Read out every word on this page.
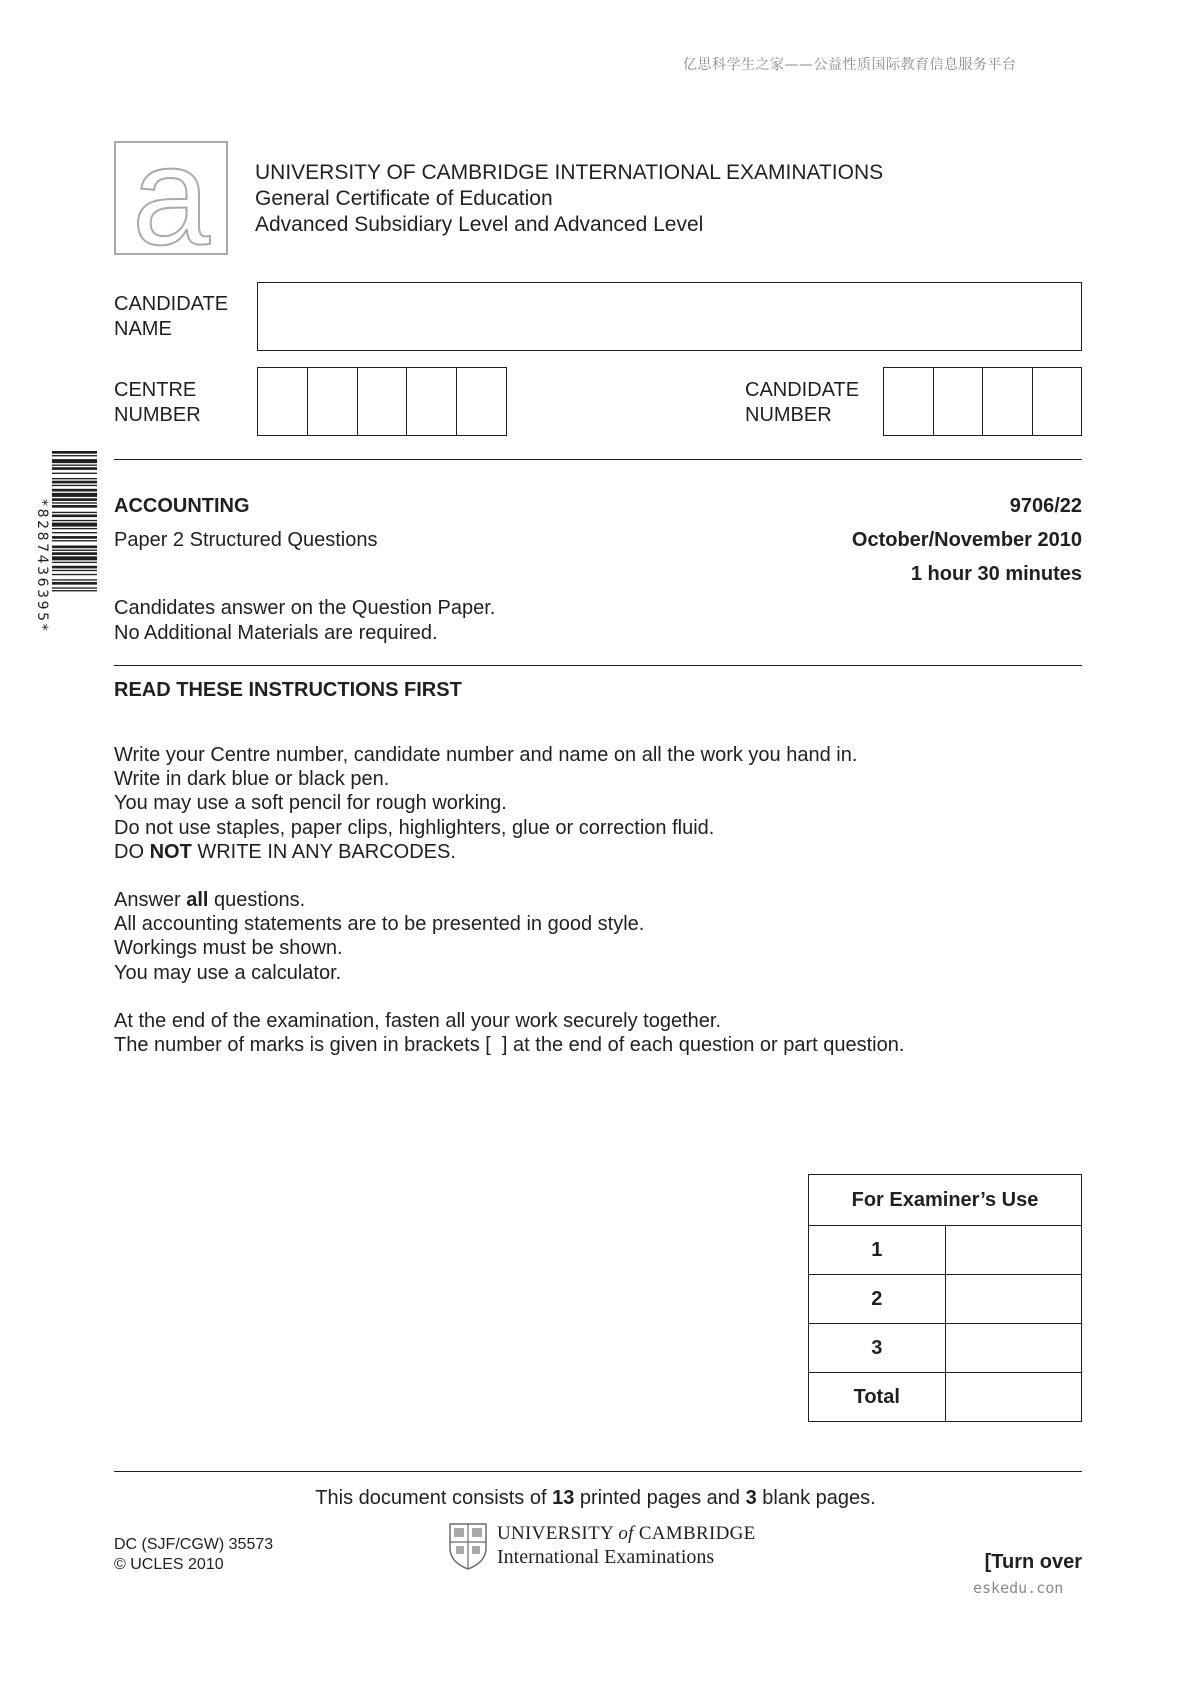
亿思科学生之家——公益性质国际教育信息服务平台
a	UNIVERSITY OF CAMBRIDGE INTERNATIONAL EXAMINATIONS
General Certificate of Education
Advanced Subsidiary Level and Advanced Level
CANDIDATE
NAME
CENTRE
NUMBER
CANDIDATE
NUMBER
*8287436395*	ACCOUNTING
Paper 2 Structured Questions
9706/22
October/November 2010
1 hour 30 minutes
Candidates answer on the Question Paper.
No Additional Materials are required.
READ THESE INSTRUCTIONS FIRST

Write your Centre number, candidate number and name on all the work you hand in.

Write in dark blue or black pen.

You may use a soft pencil for rough working.

Do not use staples, paper clips, highlighters, glue or correction fluid.

DO NOT WRITE IN ANY BARCODES.

Answer all questions.

All accounting statements are to be presented in good style.

Workings must be shown.

You may use a calculator.

At the end of the examination, fasten all your work securely together.

The number of marks is given in brackets [  ] at the end of each question or part question.

For Examiner’s Use	
1	
2	
3	
Total	
This document consists of 13 printed pages and 3 blank pages.
DC (SJF/CGW) 35573
© UCLES 2010
UNIVERSITY of CAMBRIDGE
International Examinations	[Turn over
eskedu.con
